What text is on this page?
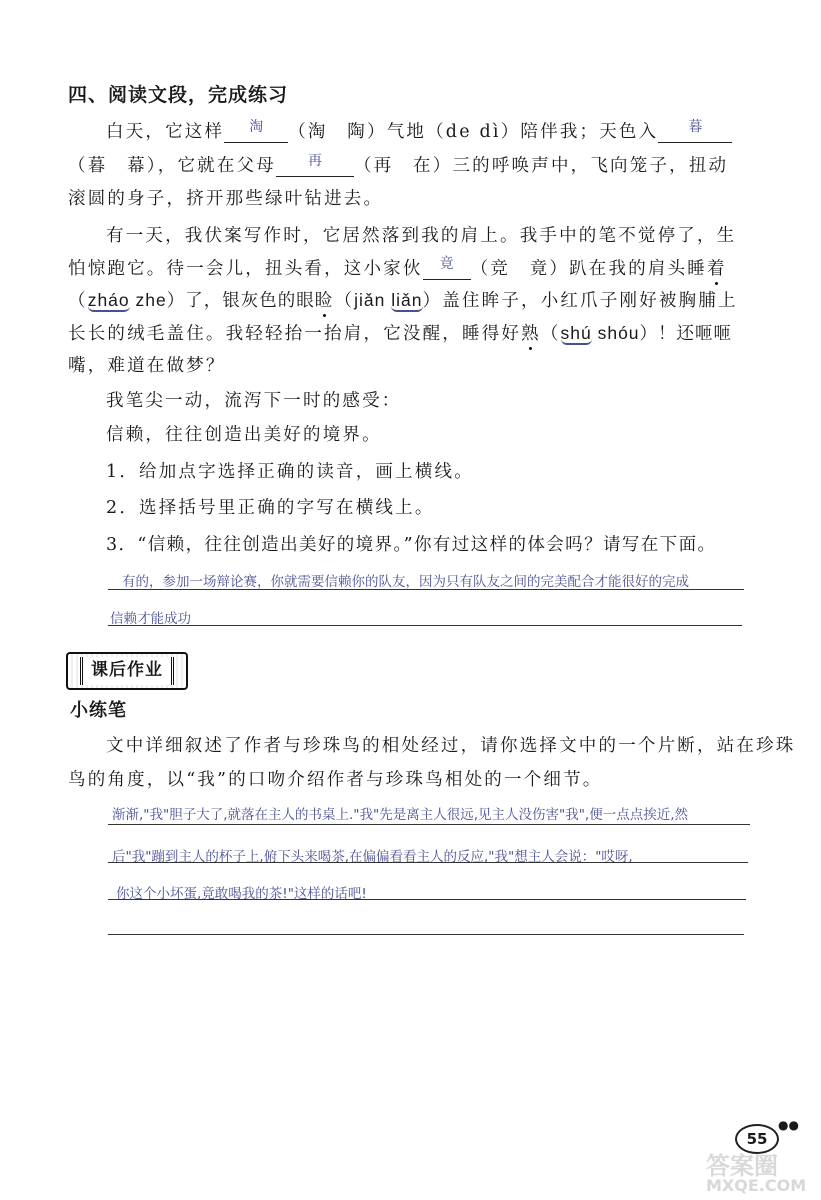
四、阅读文段，完成练习
白天，它这样	淘	（淘　陶）气地（de dì）陪伴我；天色入	暮
（暮　幕），它就在父母	再	（再　在）三的呼唤声中，飞向笼子，扭动
滚圆的身子，挤开那些绿叶钻进去。
有一天，我伏案写作时，它居然落到我的肩上。我手中的笔不觉停了，生
怕惊跑它。待一会儿，扭头看，这小家伙	竟 （竞　竟）趴在我的肩头睡着
（zháo zhe）了，银灰色的眼睑（jiǎn liǎn）盖住眸子，小红爪子刚好被胸脯上
长长的绒毛盖住。我轻轻抬一抬肩，它没醒，睡得好熟（shú shóu）！还咂咂
嘴，难道在做梦？
我笔尖一动，流泻下一时的感受：
信赖，往往创造出美好的境界。
1．给加点字选择正确的读音，画上横线。
2．选择括号里正确的字写在横线上。
3．“信赖，往往创造出美好的境界。”你有过这样的体会吗？请写在下面。
有的，参加一场辩论赛，你就需要信赖你的队友，因为只有队友之间的完美配合才能很好的完成
信赖才能成功
课后作业
小练笔
文中详细叙述了作者与珍珠鸟的相处经过，请你选择文中的一个片断，站在珍珠
鸟的角度，以“我”的口吻介绍作者与珍珠鸟相处的一个细节。
渐渐,"我"胆子大了,就落在主人的书桌上."我"先是离主人很远,见主人没伤害"我",便一点点挨近,然
后"我"蹦到主人的杯子上,俯下头来喝茶,在偏偏看看主人的反应,"我"想主人会说："哎呀,
你这个小坏蛋,竟敢喝我的茶!"这样的话吧!
55
●●
答案圈
MXQE.COM
